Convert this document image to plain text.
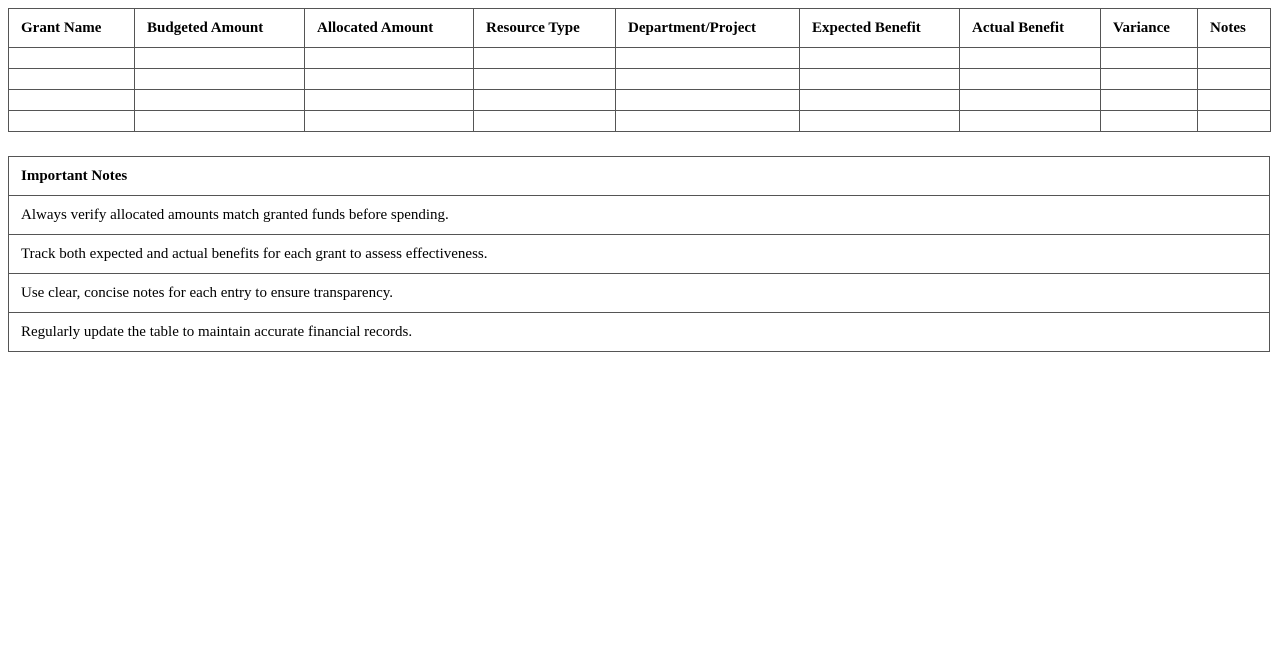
Grant Name	Budgeted Amount	Allocated Amount	Resource Type	Department/Project	Expected Benefit	Actual Benefit	Variance	Notes

Important Notes
Always verify allocated amounts match granted funds before spending.
Track both expected and actual benefits for each grant to assess effectiveness.
Use clear, concise notes for each entry to ensure transparency.
Regularly update the table to maintain accurate financial records.
